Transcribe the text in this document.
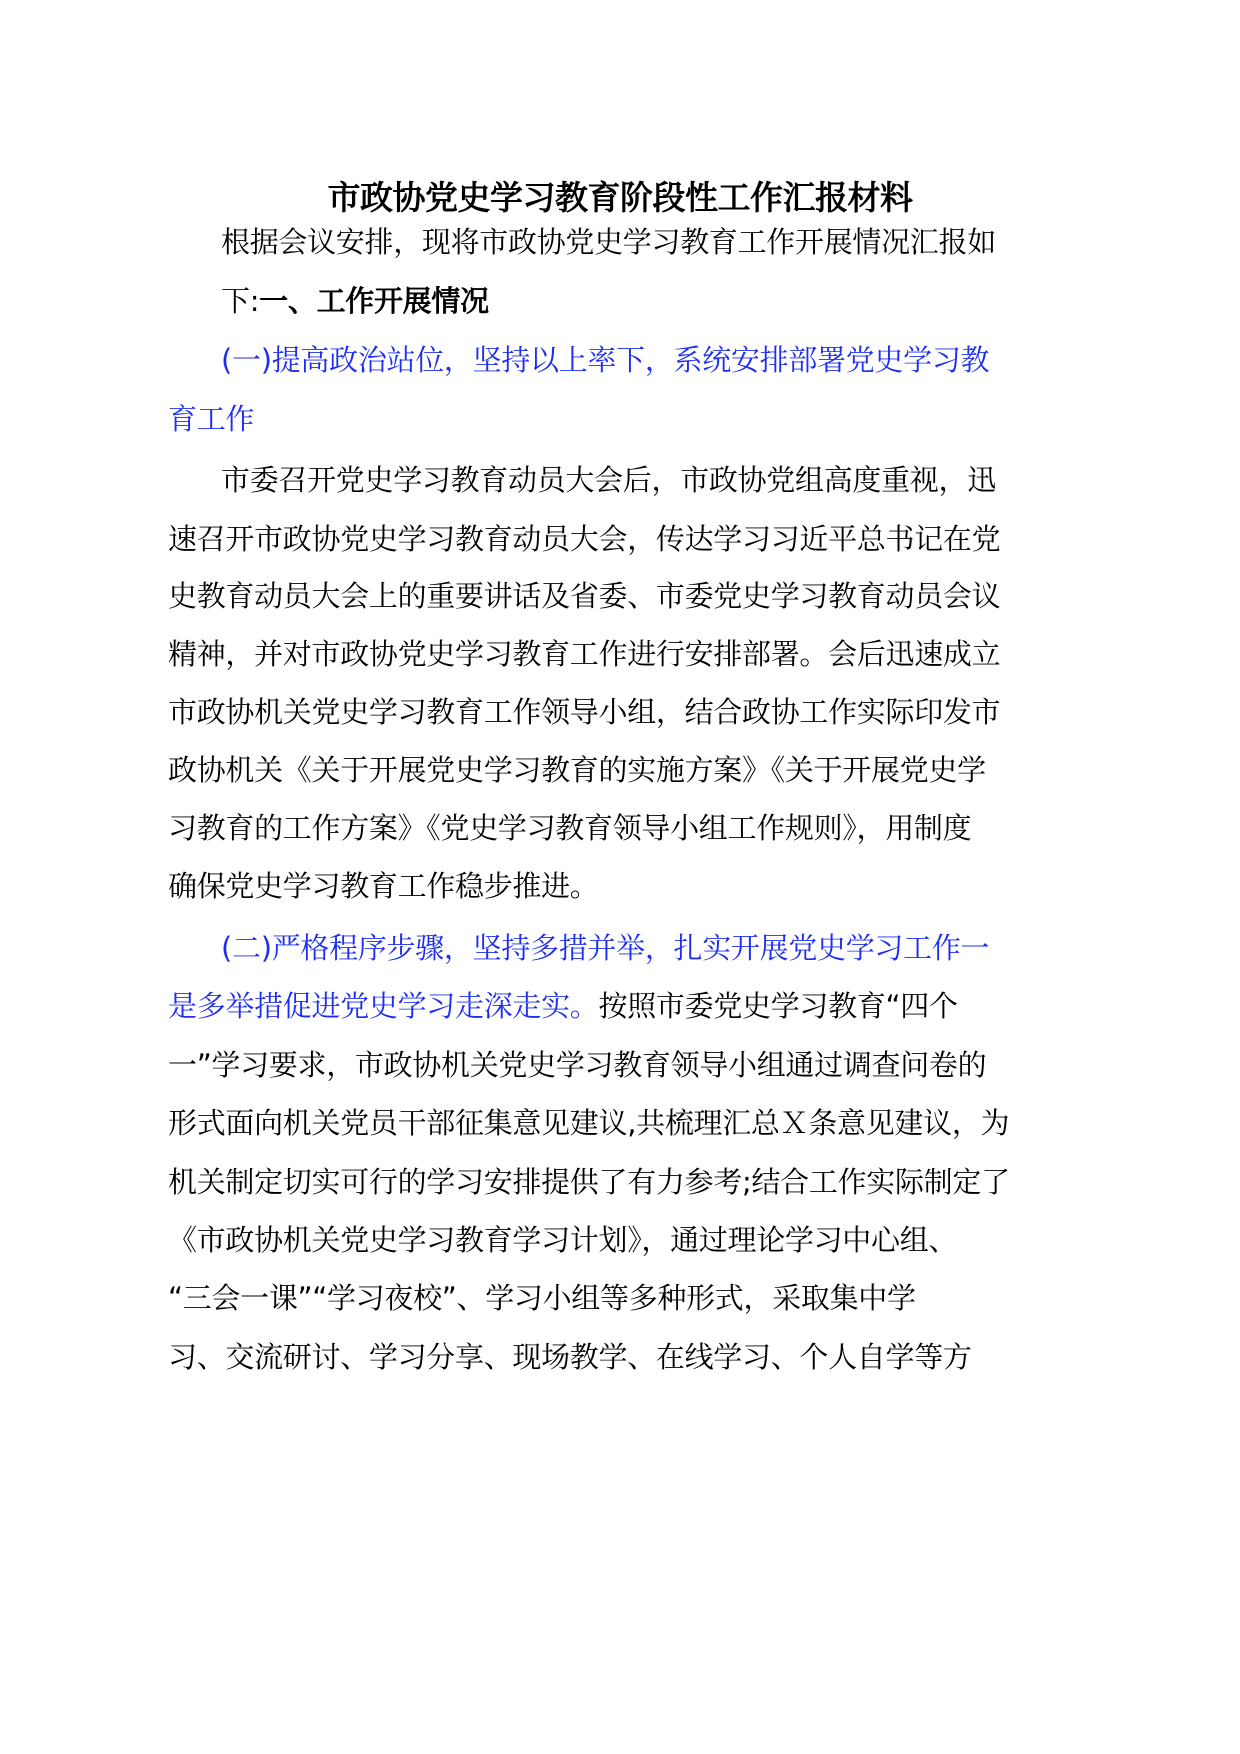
市政协党史学习教育阶段性工作汇报材料
根据会议安排，现将市政协党史学习教育工作开展情况汇报如
下:一、工作开展情况
(一)提高政治站位，坚持以上率下，系统安排部署党史学习教
育工作
市委召开党史学习教育动员大会后，市政协党组高度重视，迅
速召开市政协党史学习教育动员大会，传达学习习近平总书记在党
史教育动员大会上的重要讲话及省委、市委党史学习教育动员会议
精神，并对市政协党史学习教育工作进行安排部署。会后迅速成立
市政协机关党史学习教育工作领导小组，结合政协工作实际印发市
政协机关《关于开展党史学习教育的实施方案》《关于开展党史学
习教育的工作方案》《党史学习教育领导小组工作规则》，用制度
确保党史学习教育工作稳步推进。
(二)严格程序步骤，坚持多措并举，扎实开展党史学习工作一
是多举措促进党史学习走深走实。按照市委党史学习教育“四个
一”学习要求，市政协机关党史学习教育领导小组通过调查问卷的
形式面向机关党员干部征集意见建议,共梳理汇总Ｘ条意见建议，为
机关制定切实可行的学习安排提供了有力参考;结合工作实际制定了
《市政协机关党史学习教育学习计划》，通过理论学习中心组、
“三会一课”“学习夜校”、学习小组等多种形式，采取集中学
习、交流研讨、学习分享、现场教学、在线学习、个人自学等方
